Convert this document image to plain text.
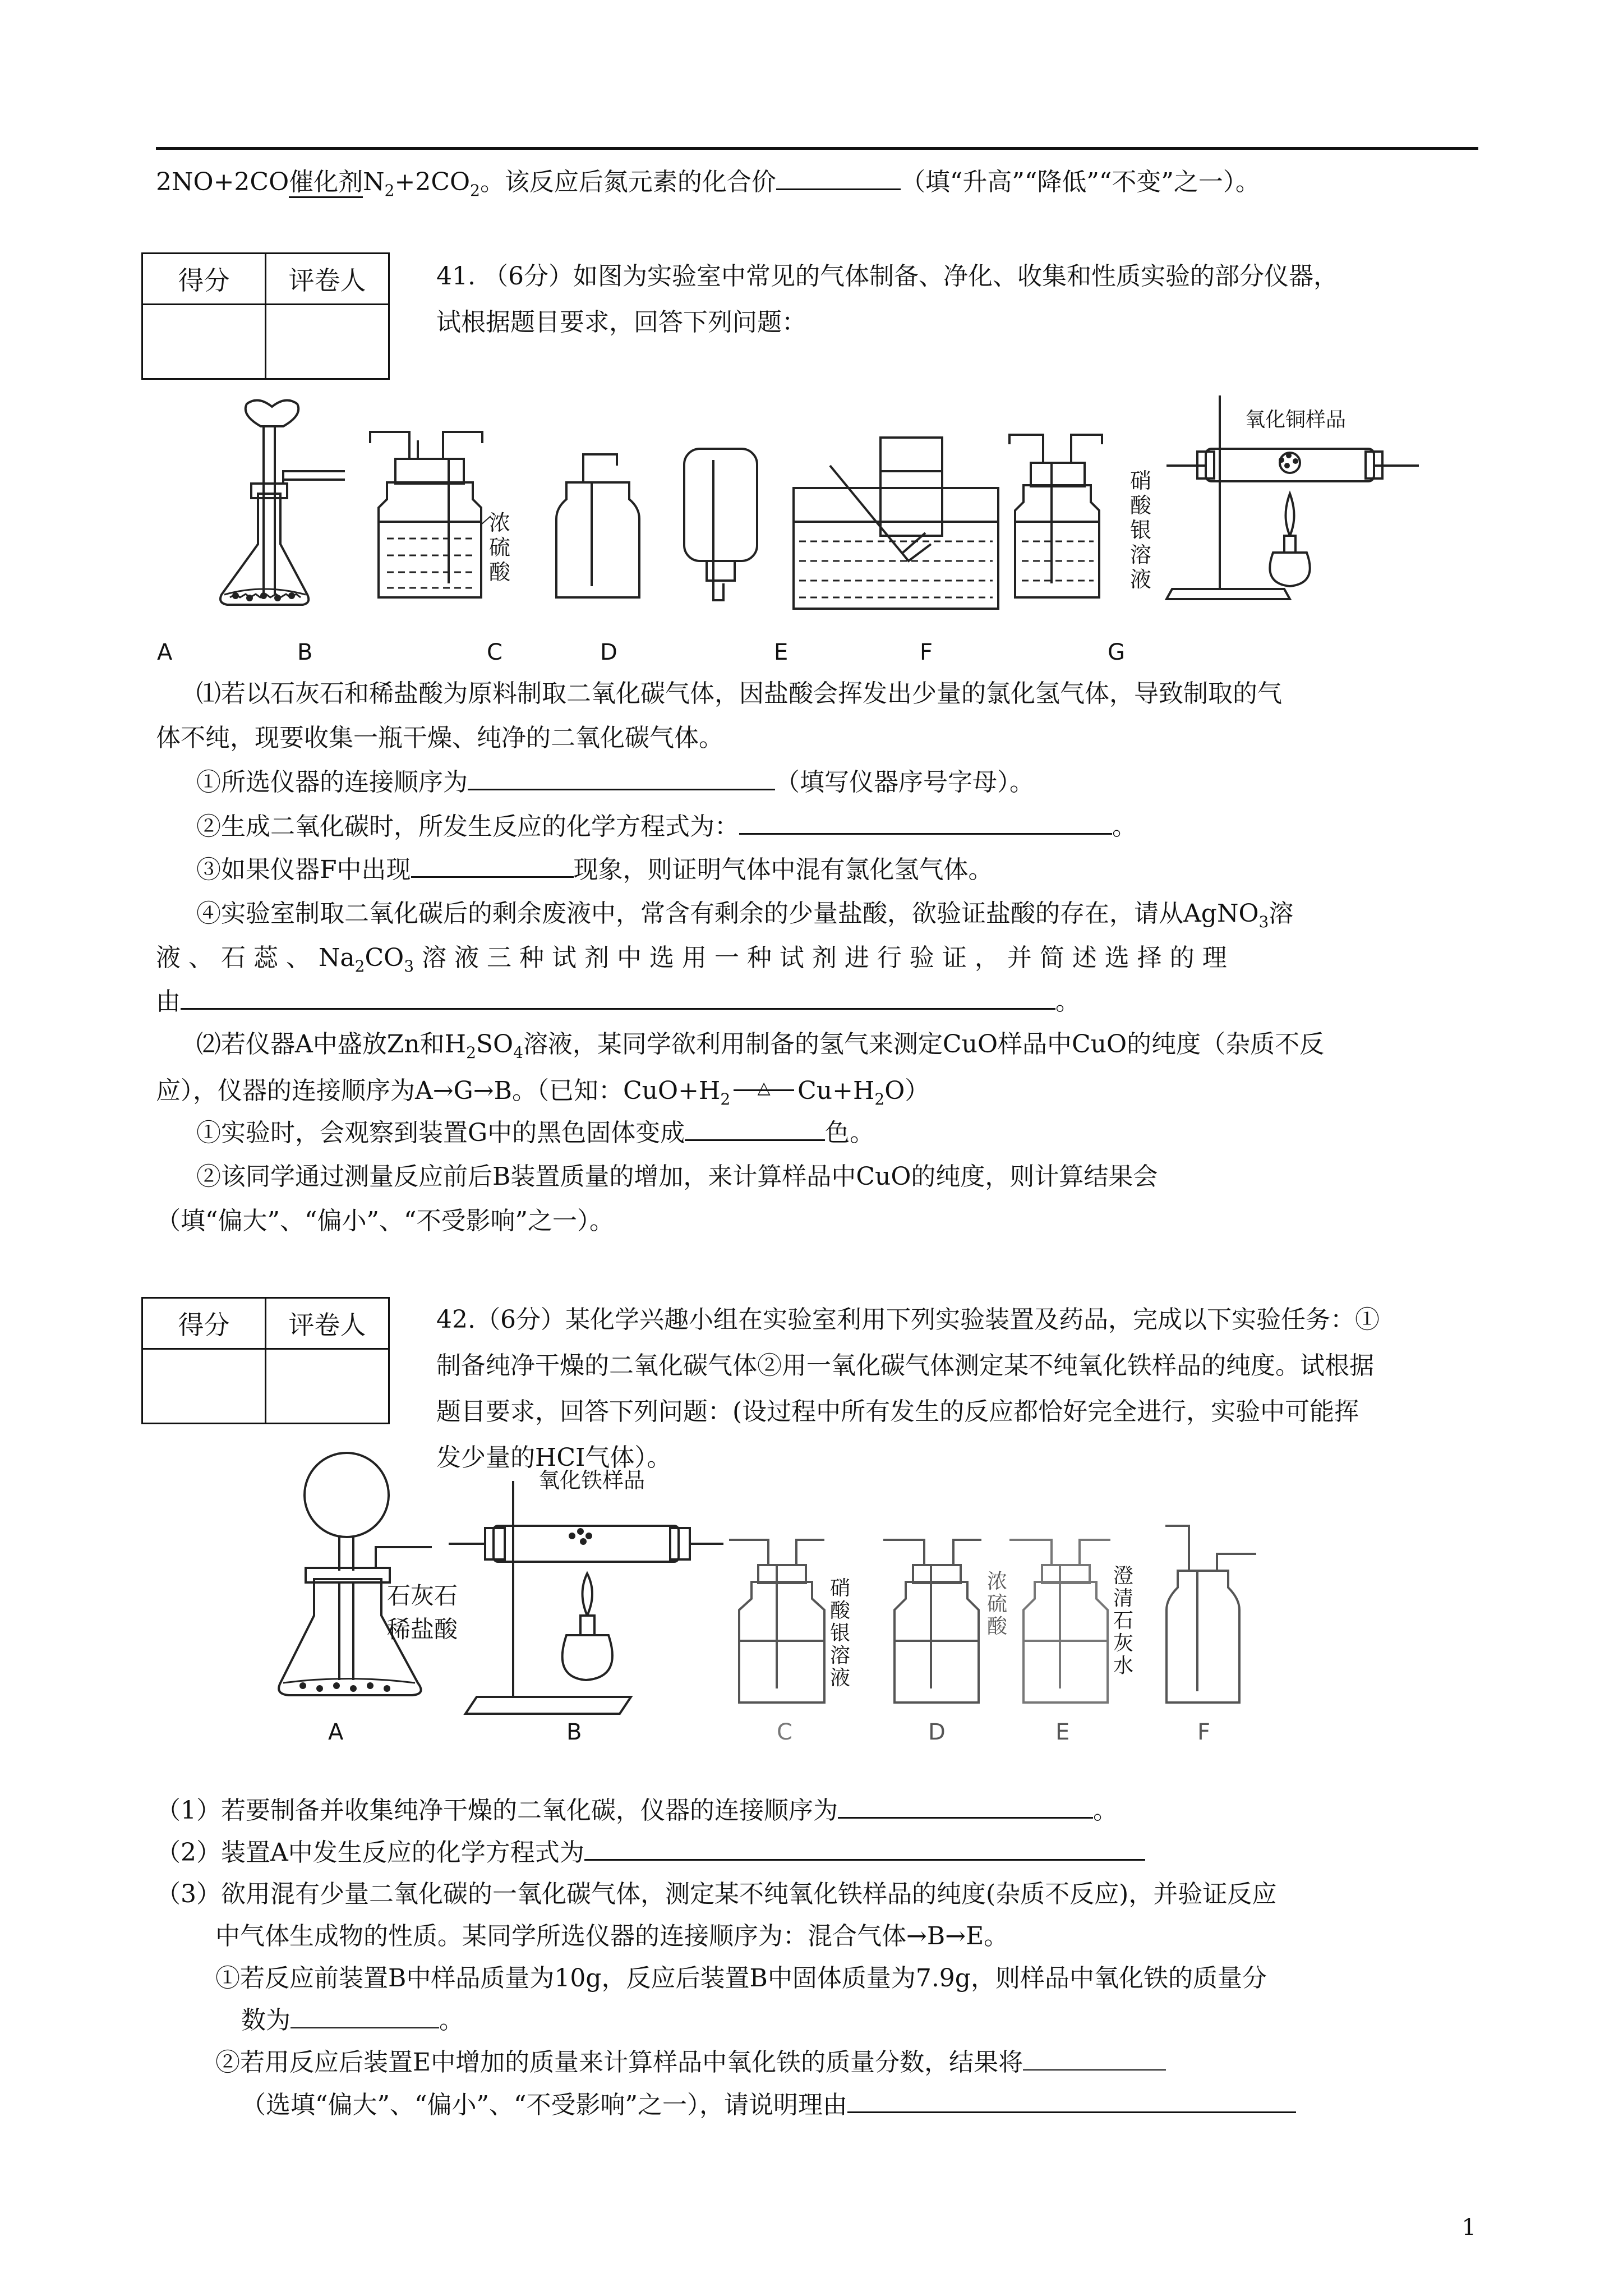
2NO+2CO催化剂$N_2+2CO_2$。该反应后氮元素的化合价	（填“升高”“降低”“不变”之一）。
得分	评卷人
		41. （6分）如图为实验室中常见的气体制备、净化、收集和性质实验的部分仪器，
试根据题目要求，回答下列问题：
浓
硫
酸
硝
酸
银
溶
液
氧化铜样品
A	B	C	D	E	F	G
⑴若以石灰石和稀盐酸为原料制取二氧化碳气体，因盐酸会挥发出少量的氯化氢气体，导致制取的气
体不纯，现要收集一瓶干燥、纯净的二氧化碳气体。
①所选仪器的连接顺序为	（填写仪器序号字母）。
②生成二氧化碳时，所发生反应的化学方程式为：	。
③如果仪器F中出现	现象，则证明气体中混有氯化氢气体。
④实验室制取二氧化碳后的剩余废液中，常含有剩余的少量盐酸，欲验证盐酸的存在，请从AgNO$_3$溶
液 、 石 蕊 、 $Na_2CO_3$ 溶 液 三 种 试 剂 中 选 用 一 种 试 剂 进 行 验 证 ， 并 简 述 选 择 的 理
由	。
⑵若仪器A中盛放Zn和$H_2SO_4$溶液，某同学欲利用制备的氢气来测定CuO样品中CuO的纯度（杂质不反
应），仪器的连接顺序为A→G→B。（已知：$CuO+H_2\triangle$ $Cu+H_2O$）
①实验时，会观察到装置G中的黑色固体变成	色。
②该同学通过测量反应前后B装置质量的增加，来计算样品中CuO的纯度，则计算结果会
（填“偏大”、“偏小”、“不受影响”之一）。
得分	评卷人
		42.（6分）某化学兴趣小组在实验室利用下列实验装置及药品，完成以下实验任务：①
制备纯净干燥的二氧化碳气体②用一氧化碳气体测定某不纯氧化铁样品的纯度。试根据
题目要求，回答下列问题：(设过程中所有发生的反应都恰好完全进行，实验中可能挥
发少量的HCI气体）。
氧化铁样品
石灰石
稀盐酸
硝
酸
银
溶
液
浓
硫
酸
澄
清
石
灰
水
A	B	C	D	E	F
（1）若要制备并收集纯净干燥的二氧化碳，仪器的连接顺序为	。
（2）装置A中发生反应的化学方程式为
（3）欲用混有少量二氧化碳的一氧化碳气体，测定某不纯氧化铁样品的纯度(杂质不反应)，并验证反应
中气体生成物的性质。某同学所选仪器的连接顺序为：混合气体→B→E。
①若反应前装置B中样品质量为10g，反应后装置B中固体质量为7.9g，则样品中氧化铁的质量分
数为	。
②若用反应后装置E中增加的质量来计算样品中氧化铁的质量分数，结果将
（选填“偏大”、“偏小”、“不受影响”之一），请说明理由
1
